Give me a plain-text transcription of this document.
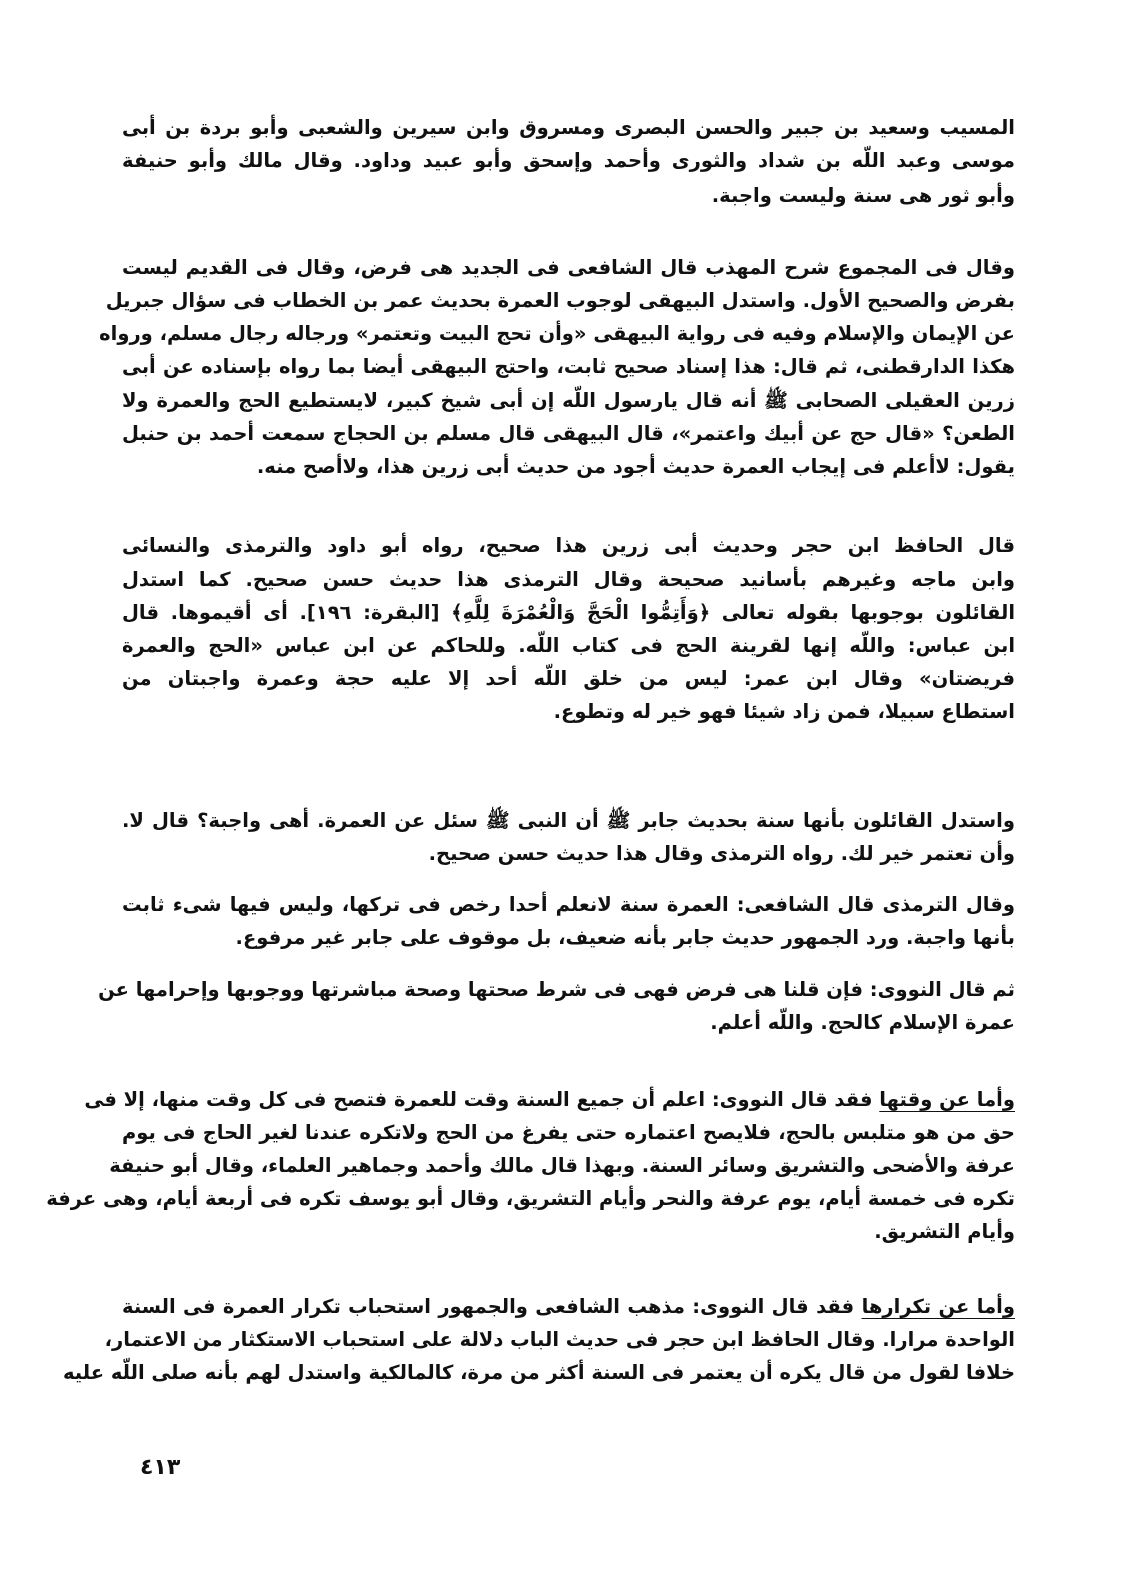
المسيب وسعيد بن جبير والحسن البصرى ومسروق وابن سيرين والشعبى وأبو بردة بن أبى
موسى وعبد اللّه بن شداد والثورى وأحمد وإسحق وأبو عبيد وداود. وقال مالك وأبو حنيفة
وأبو ثور هى سنة وليست واجبة.
وقال فى المجموع شرح المهذب قال الشافعى فى الجديد هى فرض، وقال فى القديم ليست
بفرض والصحيح الأول. واستدل البيهقى لوجوب العمرة بحديث عمر بن الخطاب فى سؤال جبريل
عن الإيمان والإسلام وفيه فى رواية البيهقى «وأن تحج البيت وتعتمر» ورجاله رجال مسلم، ورواه
هكذا الدارقطنى، ثم قال: هذا إسناد صحيح ثابت، واحتج البيهقى أيضا بما رواه بإسناده عن أبى
زرين العقيلى الصحابى ﷺ أنه قال يارسول اللّه إن أبى شيخ كبير، لايستطيع الحج والعمرة ولا
الطعن؟ «قال حج عن أبيك واعتمر»، قال البيهقى قال مسلم بن الحجاج سمعت أحمد بن حنبل
يقول: لاأعلم فى إيجاب العمرة حديث أجود من حديث أبى زرين هذا، ولاأصح منه.
قال الحافظ ابن حجر وحديث أبى زرين هذا صحيح، رواه أبو داود والترمذى والنسائى
وابن ماجه وغيرهم بأسانيد صحيحة وقال الترمذى هذا حديث حسن صحيح. كما استدل
القائلون بوجوبها بقوله تعالى ﴿وَأَتِمُّوا الْحَجَّ وَالْعُمْرَةَ لِلَّهِ﴾ [البقرة: ١٩٦]. أى أقيموها. قال
ابن عباس: واللّه إنها لقرينة الحج فى كتاب اللّه. وللحاكم عن ابن عباس «الحج والعمرة
فريضتان» وقال ابن عمر: ليس من خلق اللّه أحد إلا عليه حجة وعمرة واجبتان من
استطاع سبيلا، فمن زاد شيئا فهو خير له وتطوع.
واستدل القائلون بأنها سنة بحديث جابر ﷺ أن النبى ﷺ سئل عن العمرة. أهى واجبة؟ قال لا.
وأن تعتمر خير لك. رواه الترمذى وقال هذا حديث حسن صحيح.
وقال الترمذى قال الشافعى: العمرة سنة لانعلم أحدا رخص فى تركها، وليس فيها شىء ثابت
بأنها واجبة. ورد الجمهور حديث جابر بأنه ضعيف، بل موقوف على جابر غير مرفوع.
ثم قال النووى: فإن قلنا هى فرض فهى فى شرط صحتها وصحة مباشرتها ووجوبها وإحرامها عن
عمرة الإسلام كالحج. واللّه أعلم.
وأما عن وقتها فقد قال النووى: اعلم أن جميع السنة وقت للعمرة فتصح فى كل وقت منها، إلا فى
حق من هو متلبس بالحج، فلايصح اعتماره حتى يفرغ من الحج ولاتكره عندنا لغير الحاج فى يوم
عرفة والأضحى والتشريق وسائر السنة. وبهذا قال مالك وأحمد وجماهير العلماء، وقال أبو حنيفة
تكره فى خمسة أيام، يوم عرفة والنحر وأيام التشريق، وقال أبو يوسف تكره فى أربعة أيام، وهى عرفة
وأيام التشريق.
وأما عن تكرارها فقد قال النووى: مذهب الشافعى والجمهور استحباب تكرار العمرة فى السنة
الواحدة مرارا. وقال الحافظ ابن حجر فى حديث الباب دلالة على استحباب الاستكثار من الاعتمار،
خلافا لقول من قال يكره أن يعتمر فى السنة أكثر من مرة، كالمالكية واستدل لهم بأنه صلى اللّه عليه
٤١٣
